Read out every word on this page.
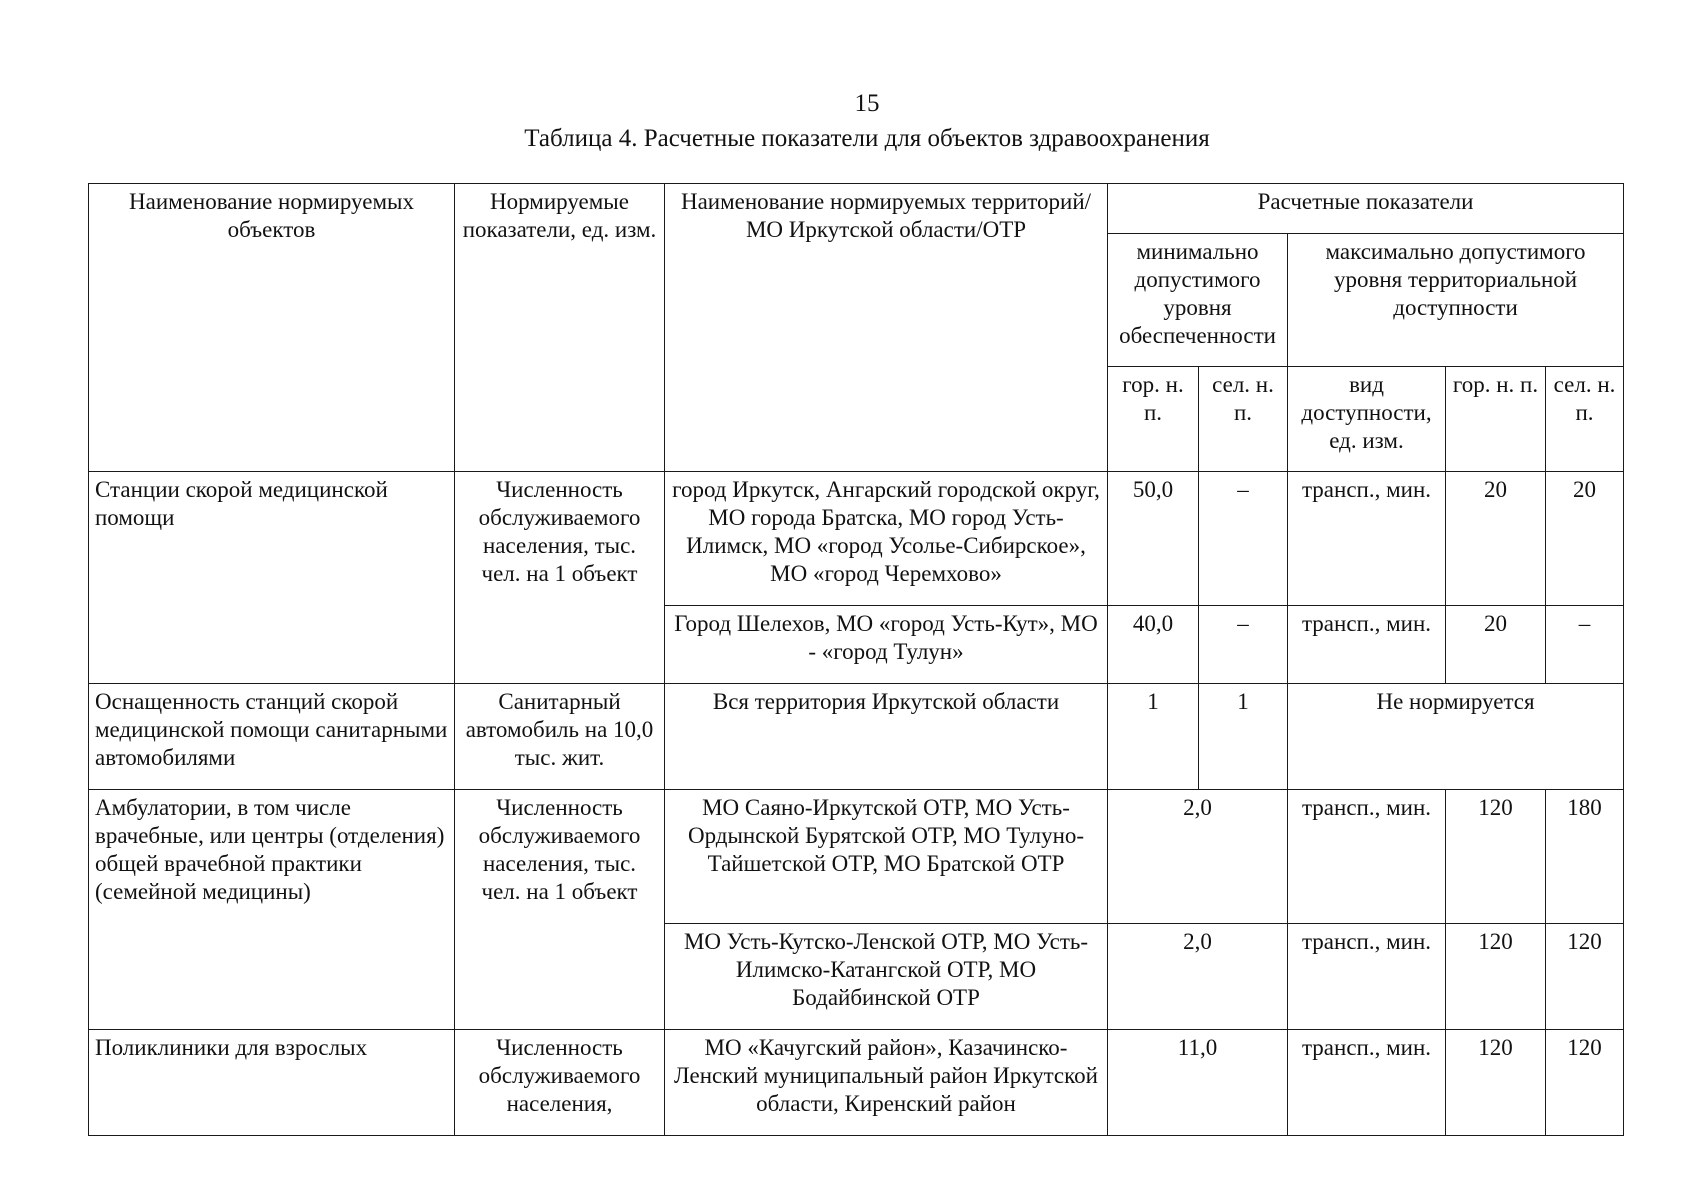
15
Таблица 4. Расчетные показатели для объектов здравоохранения
Наименование нормируемых объектов	Нормируемые показатели, ед. изм.	Наименование нормируемых территорий/ МО Иркутской области/ОТР	Расчетные показатели				
			минимально допустимого уровня обеспеченности		максимально допустимого уровня территориальной доступности		
			гор. н. п.	сел. н. п.	вид доступности, ед. изм.	гор. н. п.	сел. н. п.
Станции скорой медицинской помощи	Численность обслуживаемого населения, тыс. чел. на 1 объект	город Иркутск, Ангарский городской округ, МО города Братска, МО город Усть-Илимск, МО «город Усолье-Сибирское», МО «город Черемхово»	50,0	–	трансп., мин.	20	20
		Город Шелехов, МО «город Усть-Кут», МО - «город Тулун»	40,0	–	трансп., мин.	20	–
Оснащенность станций скорой медицинской помощи санитарными автомобилями	Санитарный автомобиль на 10,0 тыс. жит.	Вся территория Иркутской области	1	1	Не нормируется		
Амбулатории, в том числе врачебные, или центры (отделения) общей врачебной практики (семейной медицины)	Численность обслуживаемого населения, тыс. чел. на 1 объект	МО Саяно-Иркутской ОТР, МО Усть-Ордынской Бурятской ОТР, МО Тулуно-Тайшетской ОТР, МО Братской ОТР	2,0		трансп., мин.	120	180
		МО Усть-Кутско-Ленской ОТР, МО Усть-Илимско-Катангской ОТР, МО Бодайбинской ОТР	2,0		трансп., мин.	120	120
Поликлиники для взрослых	Численность обслуживаемого населения,	МО «Качугский район», Казачинско-Ленский муниципальный район Иркутской области, Киренский район	11,0		трансп., мин.	120	120
